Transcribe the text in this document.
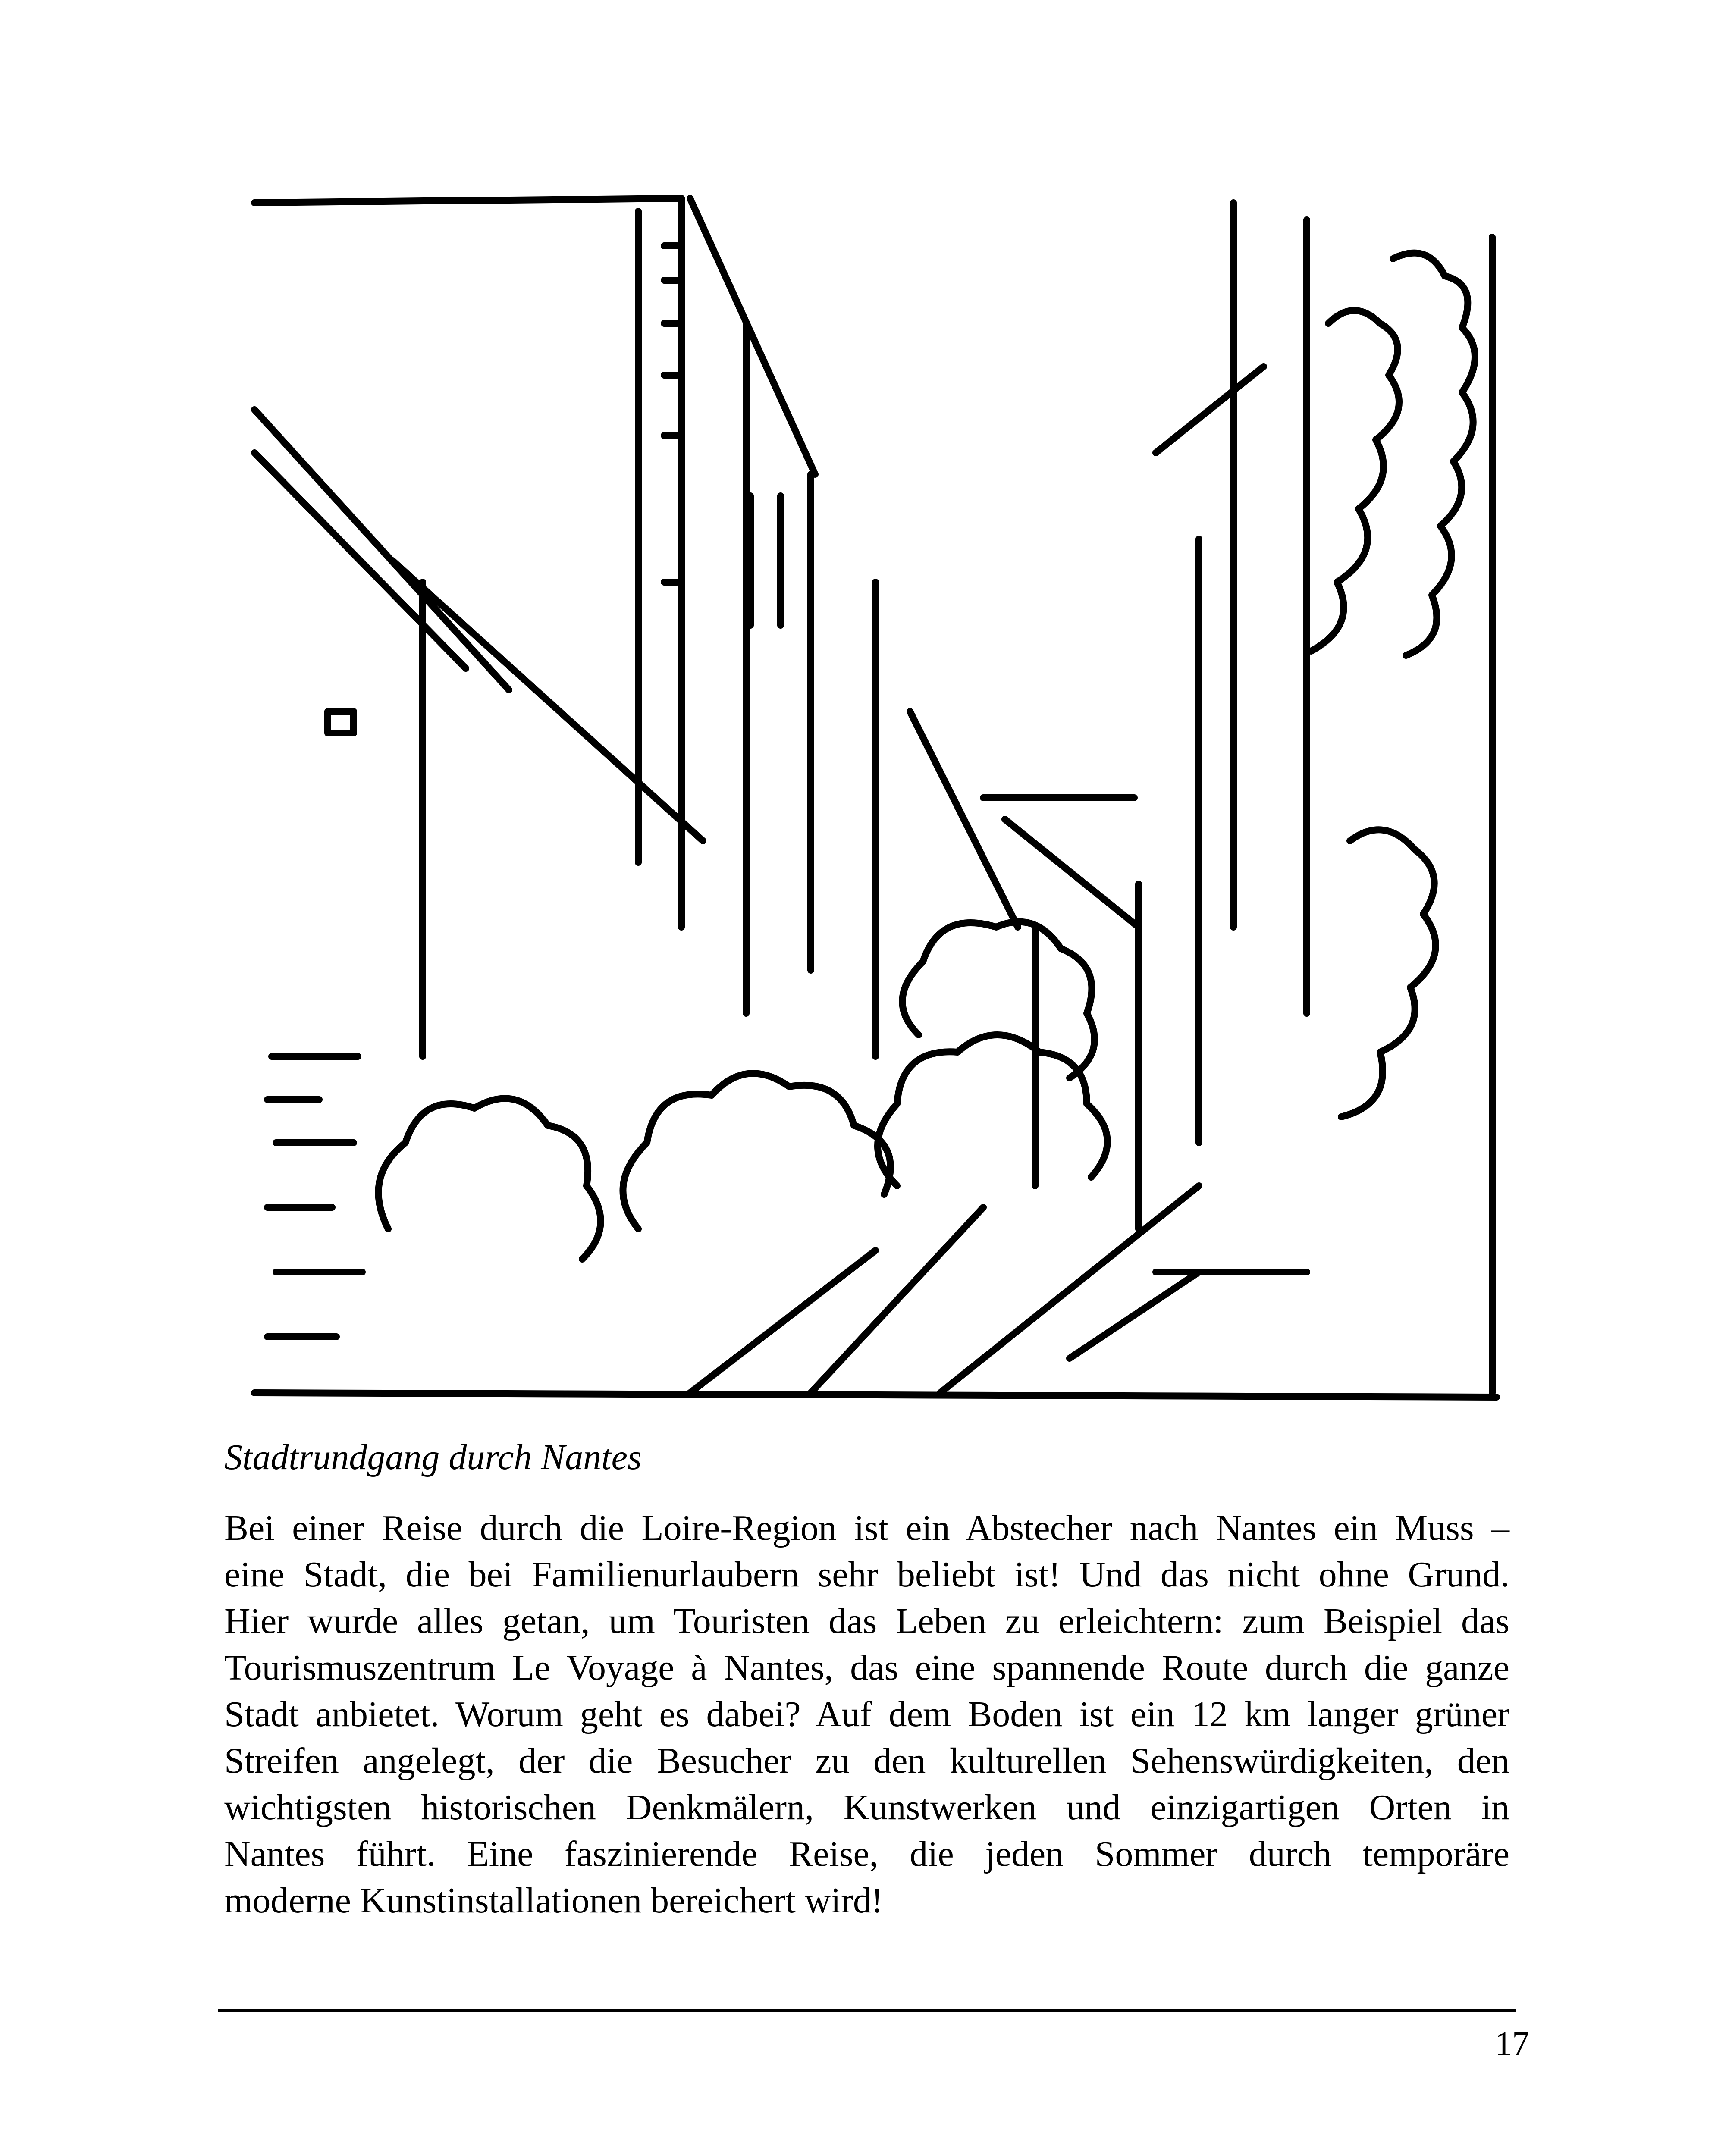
Stadtrundgang durch Nantes

Bei einer Reise durch die Loire-Region ist ein Abstecher nach Nantes ein Muss –
eine Stadt, die bei Familienurlaubern sehr beliebt ist! Und das nicht ohne Grund.
Hier wurde alles getan, um Touristen das Leben zu erleichtern: zum Beispiel das
Tourismuszentrum Le Voyage à Nantes, das eine spannende Route durch die ganze
Stadt anbietet. Worum geht es dabei? Auf dem Boden ist ein 12 km langer grüner
Streifen angelegt, der die Besucher zu den kulturellen Sehenswürdigkeiten, den
wichtigsten historischen Denkmälern, Kunstwerken und einzigartigen Orten in
Nantes führt. Eine faszinierende Reise, die jeden Sommer durch temporäre
moderne Kunstinstallationen bereichert wird!
17
